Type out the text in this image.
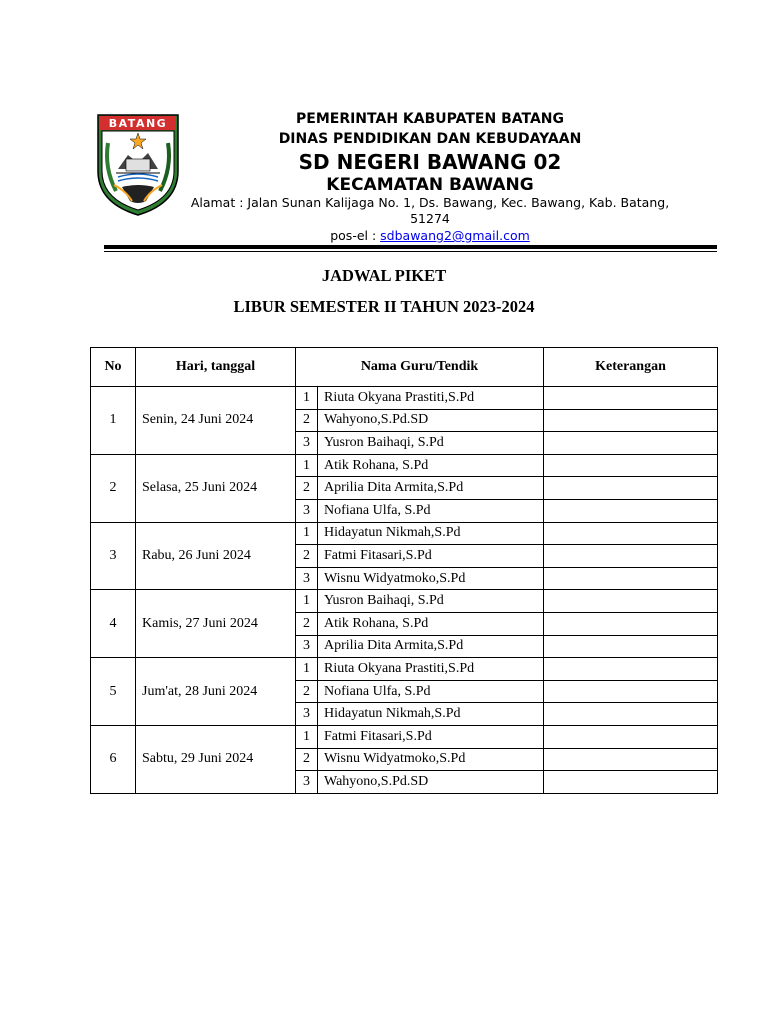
BATANG	PEMERINTAH KABUPATEN BATANG
DINAS PENDIDIKAN DAN KEBUDAYAAN
SD NEGERI BAWANG 02
KECAMATAN BAWANG
Alamat : Jalan Sunan Kalijaga No. 1, Ds. Bawang, Kec. Bawang, Kab. Batang, 51274
pos-el : sdbawang2@gmail.com
JADWAL PIKET
LIBUR SEMESTER II TAHUN 2023-2024
No	Hari, tanggal	Nama Guru/Tendik		Keterangan
1	Senin, 24 Juni 2024	1	Riuta Okyana Prastiti,S.Pd	
		2	Wahyono,S.Pd.SD	
		3	Yusron Baihaqi, S.Pd	
2	Selasa, 25 Juni 2024	1	Atik Rohana, S.Pd	
		2	Aprilia Dita Armita,S.Pd	
		3	Nofiana Ulfa, S.Pd	
3	Rabu, 26 Juni 2024	1	Hidayatun Nikmah,S.Pd	
		2	Fatmi Fitasari,S.Pd	
		3	Wisnu Widyatmoko,S.Pd	
4	Kamis, 27 Juni 2024	1	Yusron Baihaqi, S.Pd	
		2	Atik Rohana, S.Pd	
		3	Aprilia Dita Armita,S.Pd	
5	Jum'at, 28 Juni 2024	1	Riuta Okyana Prastiti,S.Pd	
		2	Nofiana Ulfa, S.Pd	
		3	Hidayatun Nikmah,S.Pd	
6	Sabtu, 29 Juni 2024	1	Fatmi Fitasari,S.Pd	
		2	Wisnu Widyatmoko,S.Pd	
		3	Wahyono,S.Pd.SD	
